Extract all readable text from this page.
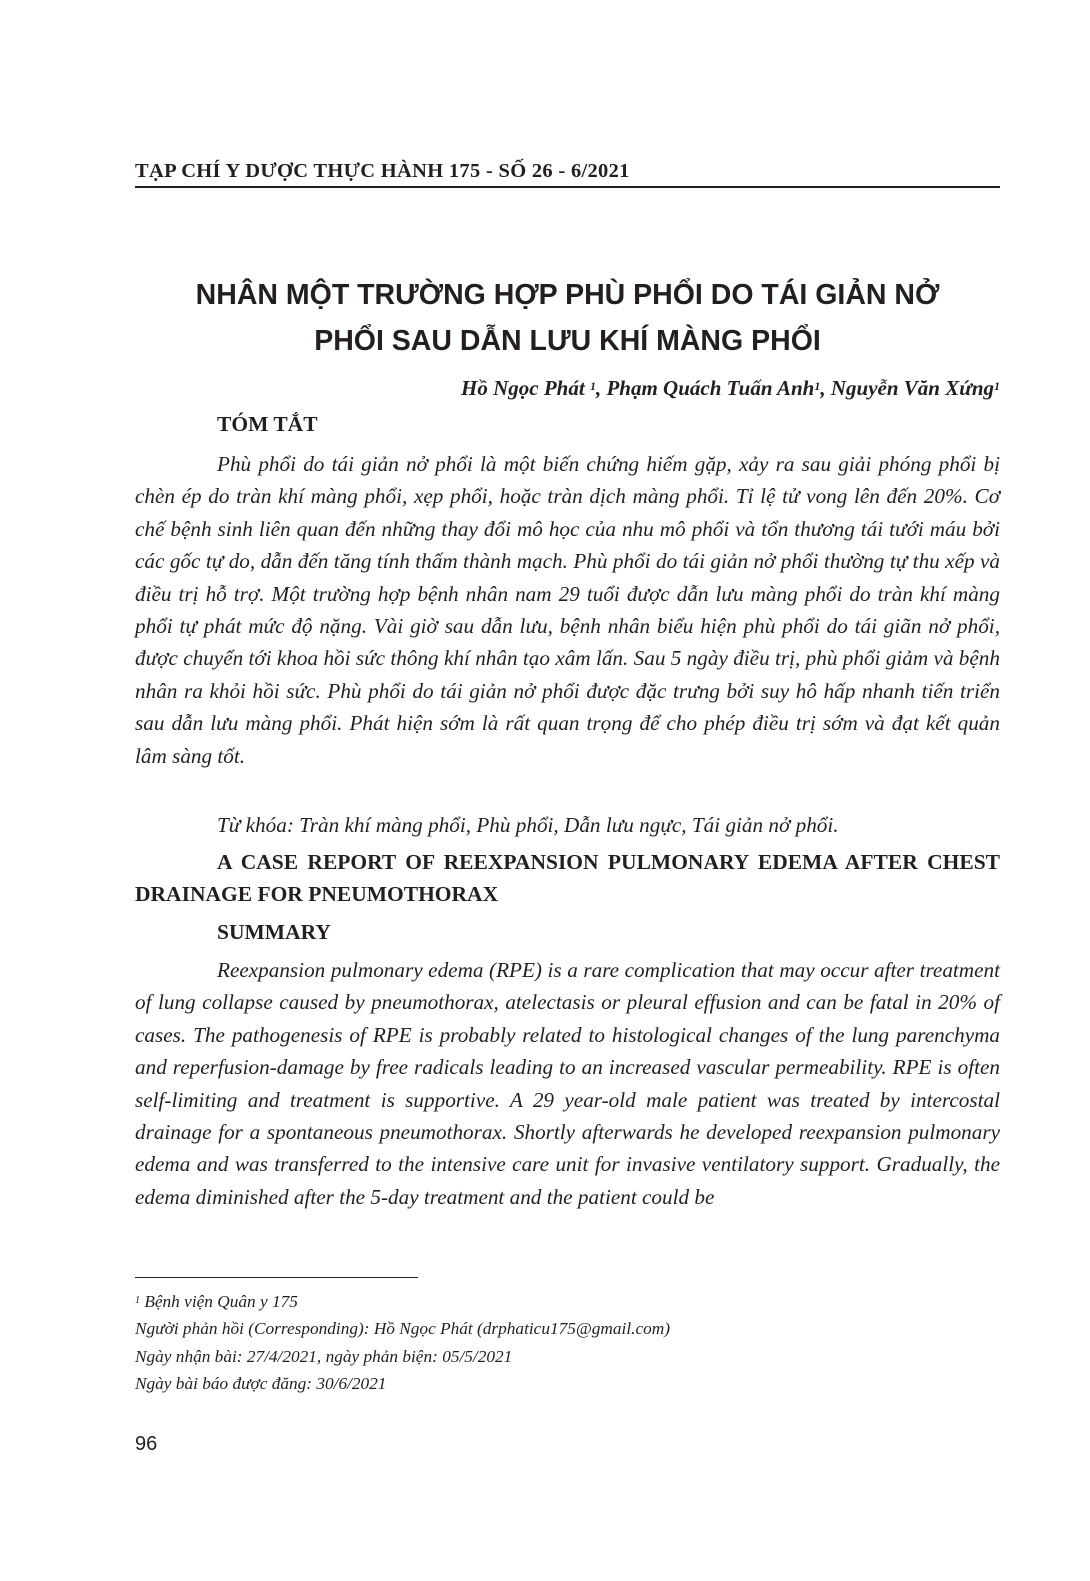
TẠP CHÍ Y DƯỢC THỰC HÀNH 175 - SỐ 26 - 6/2021
NHÂN MỘT TRƯỜNG HỢP PHÙ PHỔI DO TÁI GIẢN NỞ
PHỔI SAU DẪN LƯU KHÍ MÀNG PHỔI
Hồ Ngọc Phát $^1$, Phạm Quách Tuấn Anh$^1$, Nguyễn Văn Xứng$^1$
TÓM TẮT

Phù phổi do tái giản nở phổi là một biến chứng hiếm gặp, xảy ra sau giải phóng phổi bị chèn ép do tràn khí màng phổi, xẹp phổi, hoặc tràn dịch màng phổi. Tỉ lệ tử vong lên đến 20%. Cơ chế bệnh sinh liên quan đến những thay đổi mô học của nhu mô phổi và tổn thương tái tưới máu bởi các gốc tự do, dẫn đến tăng tính thấm thành mạch. Phù phổi do tái giản nở phổi thường tự thu xếp và điều trị hỗ trợ. Một trường hợp bệnh nhân nam 29 tuổi được dẫn lưu màng phổi do tràn khí màng phổi tự phát mức độ nặng. Vài giờ sau dẫn lưu, bệnh nhân biểu hiện phù phổi do tái giãn nở phổi, được chuyển tới khoa hồi sức thông khí nhân tạo xâm lấn. Sau 5 ngày điều trị, phù phổi giảm và bệnh nhân ra khỏi hồi sức. Phù phổi do tái giản nở phổi được đặc trưng bởi suy hô hấp nhanh tiến triển sau dẫn lưu màng phổi. Phát hiện sớm là rất quan trọng để cho phép điều trị sớm và đạt kết quản lâm sàng tốt.

Từ khóa: Tràn khí màng phổi, Phù phổi, Dẫn lưu ngực, Tái giản nở phổi.

A CASE REPORT OF REEXPANSION PULMONARY EDEMA AFTER CHEST DRAINAGE FOR PNEUMOTHORAX

SUMMARY

Reexpansion pulmonary edema (RPE) is a rare complication that may occur after treatment of lung collapse caused by pneumothorax, atelectasis or pleural effusion and can be fatal in 20% of cases. The pathogenesis of RPE is probably related to histological changes of the lung parenchyma and reperfusion-damage by free radicals leading to an increased vascular permeability. RPE is often self-limiting and treatment is supportive. A 29 year-old male patient was treated by intercostal drainage for a spontaneous pneumothorax. Shortly afterwards he developed reexpansion pulmonary edema and was transferred to the intensive care unit for invasive ventilatory support. Gradually, the edema diminished after the 5-day treatment and the patient could be

$^1$ Bệnh viện Quân y 175
Người phản hồi (Corresponding): Hồ Ngọc Phát (drphaticu175@gmail.com)
Ngày nhận bài: 27/4/2021, ngày phản biện: 05/5/2021
Ngày bài báo được đăng: 30/6/2021
96
